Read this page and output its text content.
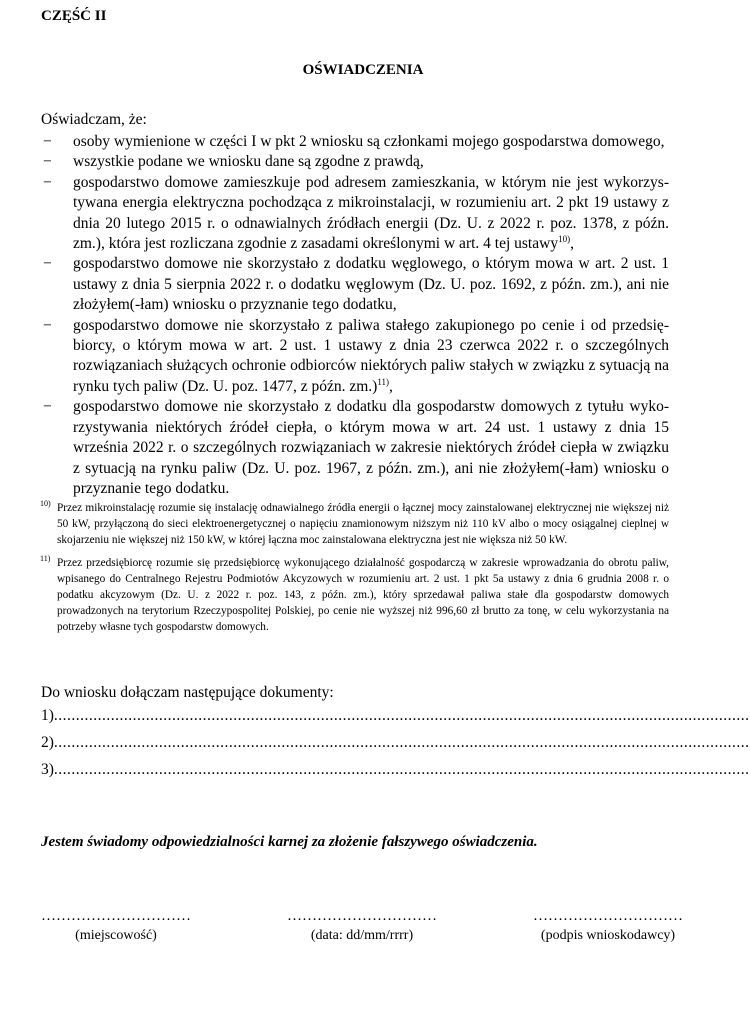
CZĘŚĆ II
OŚWIADCZENIA
Oświadczam, że:
− osoby wymienione w części I w pkt 2 wniosku są członkami mojego gospodarstwa domowego,
− wszystkie podane we wniosku dane są zgodne z prawdą,
− gospodarstwo domowe zamieszkuje pod adresem zamieszkania, w którym nie jest wykorzystywana energia elektryczna pochodząca z mikroinstalacji, w rozumieniu art. 2 pkt 19 ustawy z dnia 20 lutego 2015 r. o odnawialnych źródłach energii (Dz. U. z 2022 r. poz. 1378, z późn. zm.), która jest rozliczana zgodnie z zasadami określonymi w art. 4 tej ustawy$^{10)}$,
− gospodarstwo domowe nie skorzystało z dodatku węglowego, o którym mowa w art. 2 ust. 1 ustawy z dnia 5 sierpnia 2022 r. o dodatku węglowym (Dz. U. poz. 1692, z późn. zm.), ani nie złożyłem(-łam) wniosku o przyznanie tego dodatku,
− gospodarstwo domowe nie skorzystało z paliwa stałego zakupionego po cenie i od przedsiębiorcy, o którym mowa w art. 2 ust. 1 ustawy z dnia 23 czerwca 2022 r. o szczególnych rozwiązaniach służących ochronie odbiorców niektórych paliw stałych w związku z sytuacją na rynku tych paliw (Dz. U. poz. 1477, z późn. zm.)$^{11)}$,
− gospodarstwo domowe nie skorzystało z dodatku dla gospodarstw domowych z tytułu wykorzystywania niektórych źródeł ciepła, o którym mowa w art. 24 ust. 1 ustawy z dnia 15 września 2022 r. o szczególnych rozwiązaniach w zakresie niektórych źródeł ciepła w związku z sytuacją na rynku paliw (Dz. U. poz. 1967, z późn. zm.), ani nie złożyłem(-łam) wniosku o przyznanie tego dodatku.
10) Przez mikroinstalację rozumie się instalację odnawialnego źródła energii o łącznej mocy zainstalowanej elektrycznej nie większej niż 50 kW, przyłączoną do sieci elektroenergetycznej o napięciu znamionowym niższym niż 110 kV albo o mocy osiągalnej cieplnej w skojarzeniu nie większej niż 150 kW, w której łączna moc zainstalowana elektryczna jest nie większa niż 50 kW.
11) Przez przedsiębiorcę rozumie się przedsiębiorcę wykonującego działalność gospodarczą w zakresie wprowadzania do obrotu paliw, wpisanego do Centralnego Rejestru Podmiotów Akcyzowych w rozumieniu art. 2 ust. 1 pkt 5a ustawy z dnia 6 grudnia 2008 r. o podatku akcyzowym (Dz. U. z 2022 r. poz. 143, z późn. zm.), który sprzedawał paliwa stałe dla gospodarstw domowych prowadzonych na terytorium Rzeczypospolitej Polskiej, po cenie nie wyższej niż 996,60 zł brutto za tonę, w celu wykorzystania na potrzeby własne tych gospodarstw domowych.
Do wniosku dołączam następujące dokumenty:
1) ...............................................................................................................................................................
2) ...............................................................................................................................................................
3) ...............................................................................................................................................................
Jestem świadomy odpowiedzialności karnej za złożenie fałszywego oświadczenia.
…………………………
(miejscowość)
…………………………
(data: dd/mm/rrrr)
…………………………
(podpis wnioskodawcy)
